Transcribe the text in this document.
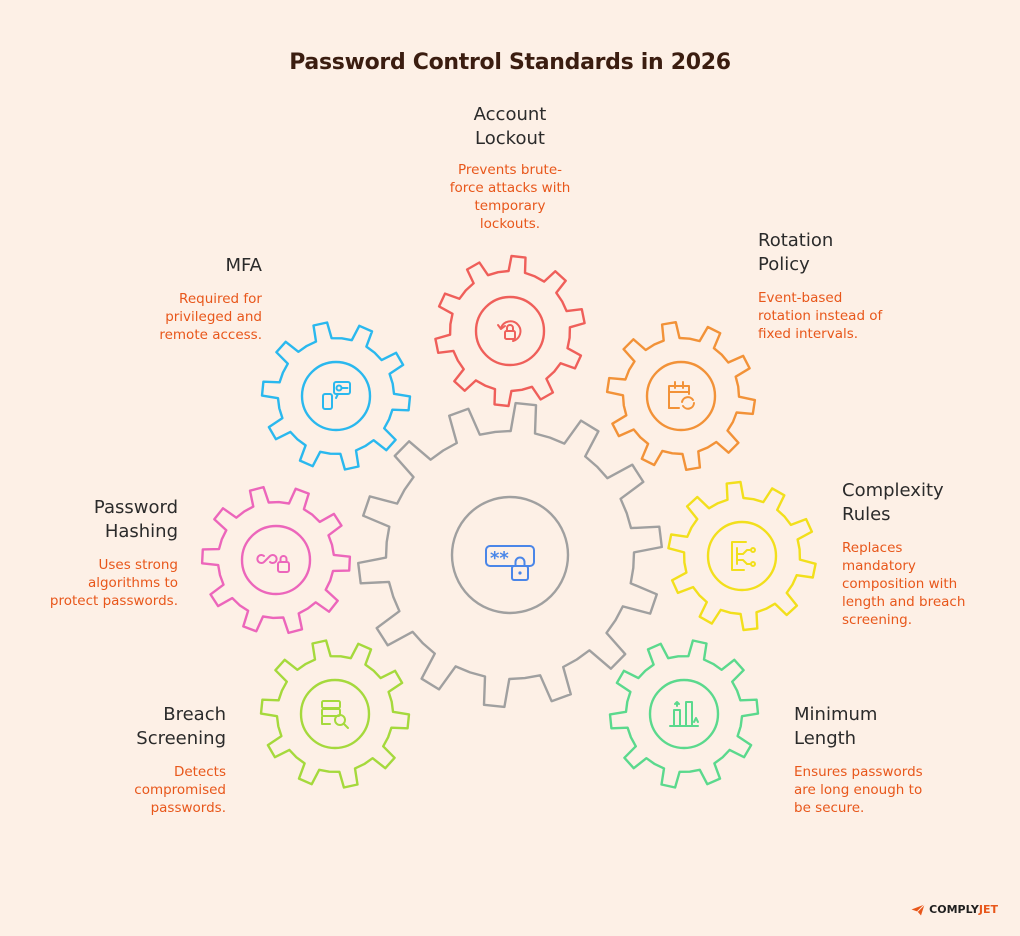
**
Password Control Standards in 2026
Account
Lockout
Prevents brute-
force attacks with
temporary
lockouts.
MFA
Required for
privileged and
remote access.
Rotation
Policy
Event-based
rotation instead of
fixed intervals.
Password
Hashing
Uses strong
algorithms to
protect passwords.
Complexity
Rules
Replaces
mandatory
composition with
length and breach
screening.
Breach
Screening
Detects
compromised
passwords.
Minimum
Length
Ensures passwords
are long enough to
be secure.
COMPLYJET
